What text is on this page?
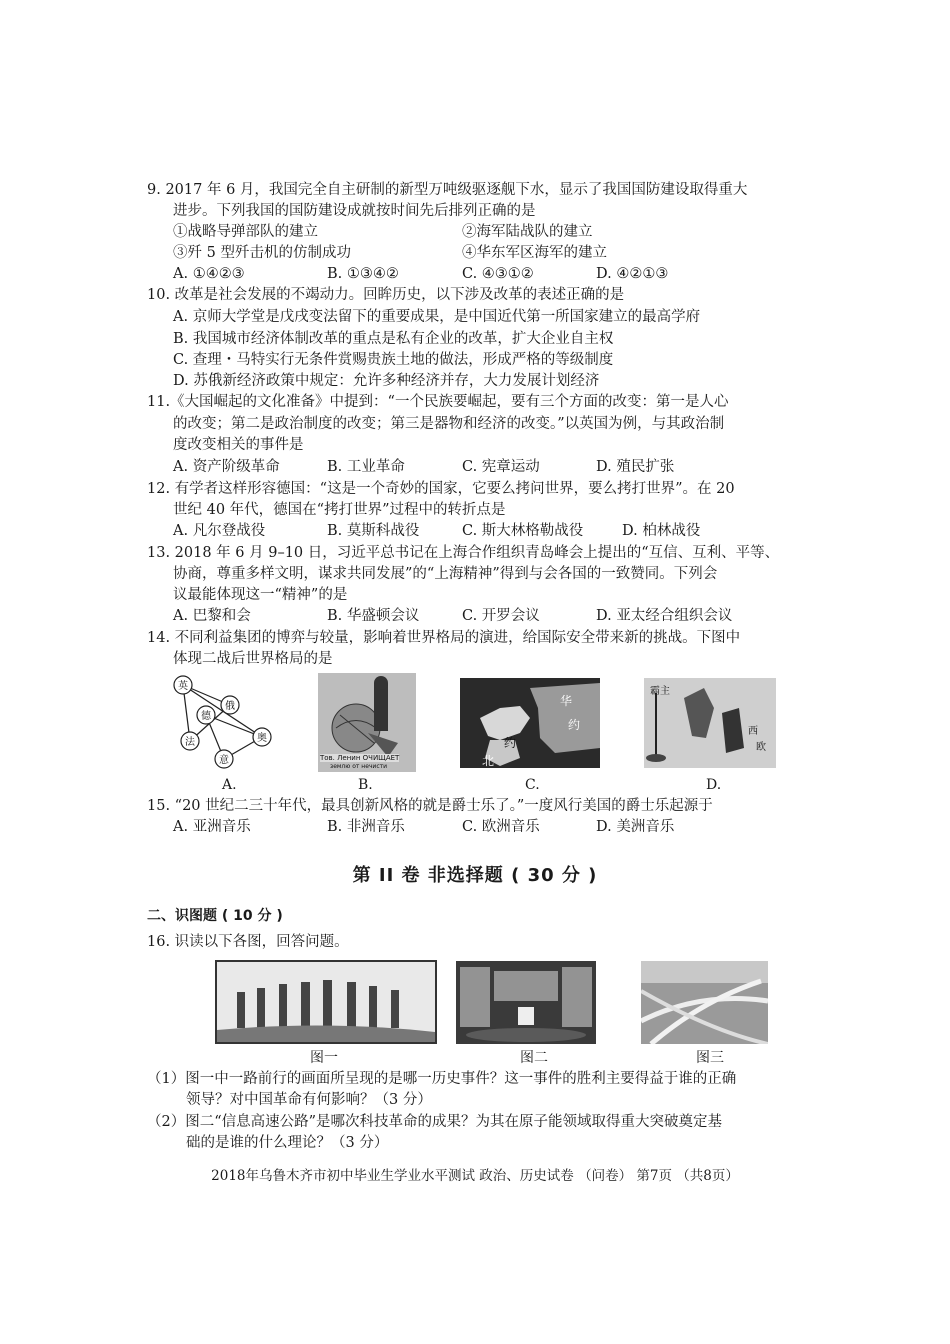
9. 2017 年 6 月，我国完全自主研制的新型万吨级驱逐舰下水，显示了我国国防建设取得重大
进步。下列我国的国防建设成就按时间先后排列正确的是
①战略导弹部队的建立	②海军陆战队的建立
③歼 5 型歼击机的仿制成功	④华东军区海军的建立
A. ①④②③	B. ①③④②	C. ④③①②	D. ④②①③
10. 改革是社会发展的不竭动力。回眸历史，以下涉及改革的表述正确的是
A. 京师大学堂是戊戌变法留下的重要成果，是中国近代第一所国家建立的最高学府
B. 我国城市经济体制改革的重点是私有企业的改革，扩大企业自主权
C. 查理・马特实行无条件赏赐贵族土地的做法，形成严格的等级制度
D. 苏俄新经济政策中规定：允许多种经济并存，大力发展计划经济
11.《大国崛起的文化准备》中提到：“一个民族要崛起，要有三个方面的改变：第一是人心
的改变；第二是政治制度的改变；第三是器物和经济的改变。”以英国为例，与其政治制
度改变相关的事件是
A. 资产阶级革命	B. 工业革命	C. 宪章运动	D. 殖民扩张
12. 有学者这样形容德国：“这是一个奇妙的国家，它要么拷问世界，要么拷打世界”。在 20
世纪 40 年代，德国在“拷打世界”过程中的转折点是
A. 凡尔登战役	B. 莫斯科战役	C. 斯大林格勒战役	D. 柏林战役
13. 2018 年 6 月 9–10 日，习近平总书记在上海合作组织青岛峰会上提出的“互信、互利、平等、
协商，尊重多样文明，谋求共同发展”的“上海精神”得到与会各国的一致赞同。下列会
议最能体现这一“精神”的是
A. 巴黎和会	B. 华盛顿会议	C. 开罗会议	D. 亚太经合组织会议
14. 不同利益集团的博弈与较量，影响着世界格局的演进，给国际安全带来新的挑战。下图中
体现二战后世界格局的是
英
俄
德
法	奥
意	Тов. Ленин ОЧИЩАЕТ
землю от нечисти
华
约
约
北
霸主
西
欧
A.	B.	C.	D.
15. “20 世纪二三十年代，最具创新风格的就是爵士乐了。”一度风行美国的爵士乐起源于
A. 亚洲音乐	B. 非洲音乐	C. 欧洲音乐	D. 美洲音乐
第 II 卷 非选择题 ( 30 分 )
二、识图题 ( 10 分 )
16. 识读以下各图，回答问题。
图一	图二	图三
（1）图一中一路前行的画面所呈现的是哪一历史事件？这一事件的胜利主要得益于谁的正确
领导？对中国革命有何影响？（3 分）
（2）图二“信息高速公路”是哪次科技革命的成果？为其在原子能领域取得重大突破奠定基
础的是谁的什么理论？（3 分）
2018年乌鲁木齐市初中毕业生学业水平测试 政治、历史试卷 （问卷） 第7页 （共8页）
